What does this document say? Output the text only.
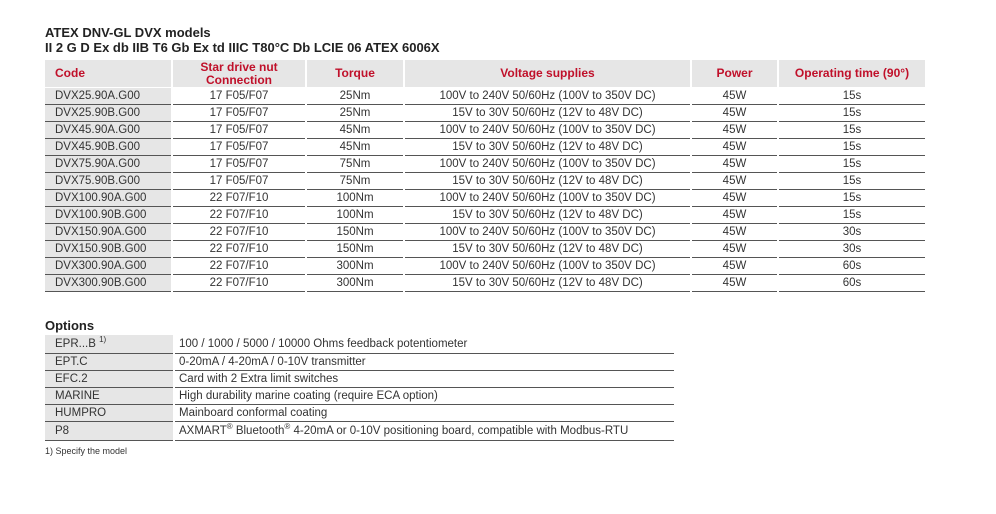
ATEX DNV-GL DVX models
II 2 G D Ex db IIB T6 Gb Ex td IIIC T80°C Db LCIE 06 ATEX 6006X
Code	Star drive nut Connection	Torque	Voltage supplies	Power	Operating time (90°)
DVX25.90A.G00	17 F05/F07	25Nm	100V to 240V 50/60Hz (100V to 350V DC)	45W	15s
DVX25.90B.G00	17 F05/F07	25Nm	15V to 30V 50/60Hz (12V to 48V DC)	45W	15s
DVX45.90A.G00	17 F05/F07	45Nm	100V to 240V 50/60Hz (100V to 350V DC)	45W	15s
DVX45.90B.G00	17 F05/F07	45Nm	15V to 30V 50/60Hz (12V to 48V DC)	45W	15s
DVX75.90A.G00	17 F05/F07	75Nm	100V to 240V 50/60Hz (100V to 350V DC)	45W	15s
DVX75.90B.G00	17 F05/F07	75Nm	15V to 30V 50/60Hz (12V to 48V DC)	45W	15s
DVX100.90A.G00	22 F07/F10	100Nm	100V to 240V 50/60Hz (100V to 350V DC)	45W	15s
DVX100.90B.G00	22 F07/F10	100Nm	15V to 30V 50/60Hz (12V to 48V DC)	45W	15s
DVX150.90A.G00	22 F07/F10	150Nm	100V to 240V 50/60Hz (100V to 350V DC)	45W	30s
DVX150.90B.G00	22 F07/F10	150Nm	15V to 30V 50/60Hz (12V to 48V DC)	45W	30s
DVX300.90A.G00	22 F07/F10	300Nm	100V to 240V 50/60Hz (100V to 350V DC)	45W	60s
DVX300.90B.G00	22 F07/F10	300Nm	15V to 30V 50/60Hz (12V to 48V DC)	45W	60s
Options
EPR...B $^{1)}$	100 / 1000 / 5000 / 10000 Ohms feedback potentiometer
EPT.C	0-20mA / 4-20mA / 0-10V transmitter
EFC.2	Card with 2 Extra limit switches
MARINE	High durability marine coating (require ECA option)
HUMPRO	Mainboard conformal coating
P8	AXMART® Bluetooth® 4-20mA or 0-10V positioning board, compatible with Modbus-RTU
1) Specify the model
